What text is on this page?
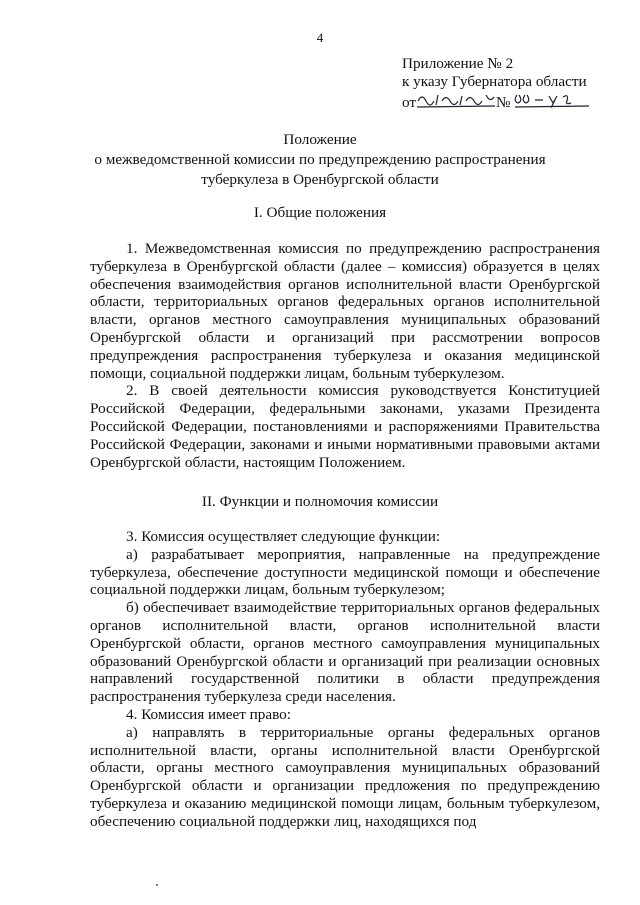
4
Приложение № 2
к указу Губернатора области
от	№
Положение
о межведомственной комиссии по предупреждению распространения
туберкулеза в Оренбургской области
I. Общие положения
1. Межведомственная комиссия по предупреждению распространения туберкулеза в Оренбургской области (далее – комиссия) образуется в целях обеспечения взаимодействия органов исполнительной власти Оренбургской области, территориальных органов федеральных органов исполнительной власти, органов местного самоуправления муниципальных образований Оренбургской области и организаций при рассмотрении вопросов предупреждения распространения туберкулеза и оказания медицинской помощи, социальной поддержки лицам, больным туберкулезом.
2. В своей деятельности комиссия руководствуется Конституцией Российской Федерации, федеральными законами, указами Президента Российской Федерации, постановлениями и распоряжениями Правительства Российской Федерации, законами и иными нормативными правовыми актами Оренбургской области, настоящим Положением.
II. Функции и полномочия комиссии
3. Комиссия осуществляет следующие функции:
а) разрабатывает мероприятия, направленные на предупреждение туберкулеза, обеспечение доступности медицинской помощи и обеспечение социальной поддержки лицам, больным туберкулезом;
б) обеспечивает взаимодействие территориальных органов федеральных органов исполнительной власти, органов исполнительной власти Оренбургской области, органов местного самоуправления муниципальных образований Оренбургской области и организаций при реализации основных направлений государственной политики в области предупреждения распространения туберкулеза среди населения.
4. Комиссия имеет право:
а) направлять в территориальные органы федеральных органов исполнительной власти, органы исполнительной власти Оренбургской области, органы местного самоуправления муниципальных образований Оренбургской области и организации предложения по предупреждению туберкулеза и оказанию медицинской помощи лицам, больным туберкулезом, обеспечению социальной поддержки лиц, находящихся под
